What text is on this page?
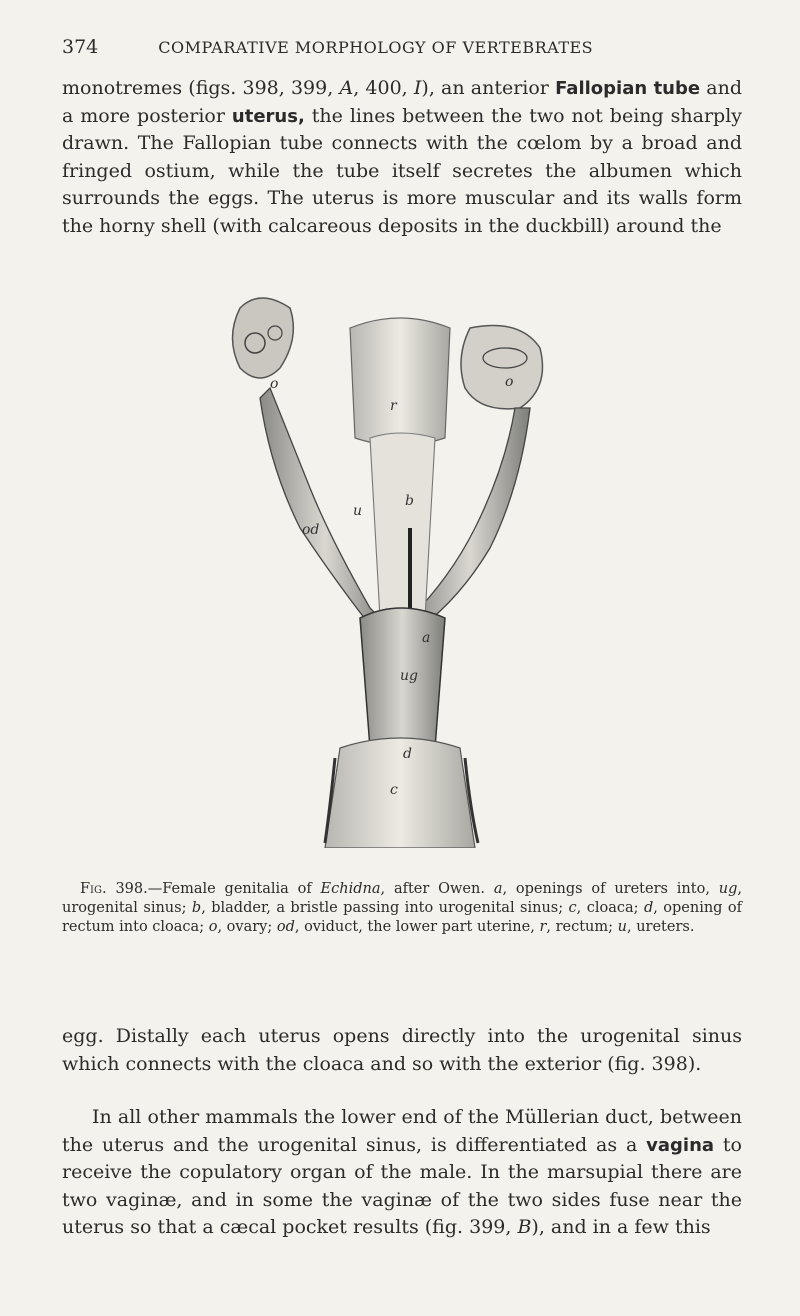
374	COMPARATIVE MORPHOLOGY OF VERTEBRATES

monotremes (figs. 398, 399, A, 400, I), an anterior Fallopian tube and a more posterior uterus, the lines between the two not being sharply drawn. The Fallopian tube connects with the cœlom by a broad and fringed ostium, while the tube itself secretes the albumen which surrounds the eggs. The uterus is more muscular and its walls form the horny shell (with calcareous deposits in the duckbill) around the

o	o
r
u
b
od
a
ug
d
c

Fig. 398.—Female genitalia of Echidna, after Owen. a, openings of ureters into, ug, urogenital sinus; b, bladder, a bristle passing into urogenital sinus; c, cloaca; d, opening of rectum into cloaca; o, ovary; od, oviduct, the lower part uterine, r, rectum; u, ureters.

egg. Distally each uterus opens directly into the urogenital sinus which connects with the cloaca and so with the exterior (fig. 398).

In all other mammals the lower end of the Müllerian duct, between the uterus and the urogenital sinus, is differentiated as a vagina to receive the copulatory organ of the male. In the marsupial there are two vaginæ, and in some the vaginæ of the two sides fuse near the uterus so that a cæcal pocket results (fig. 399, B), and in a few this
